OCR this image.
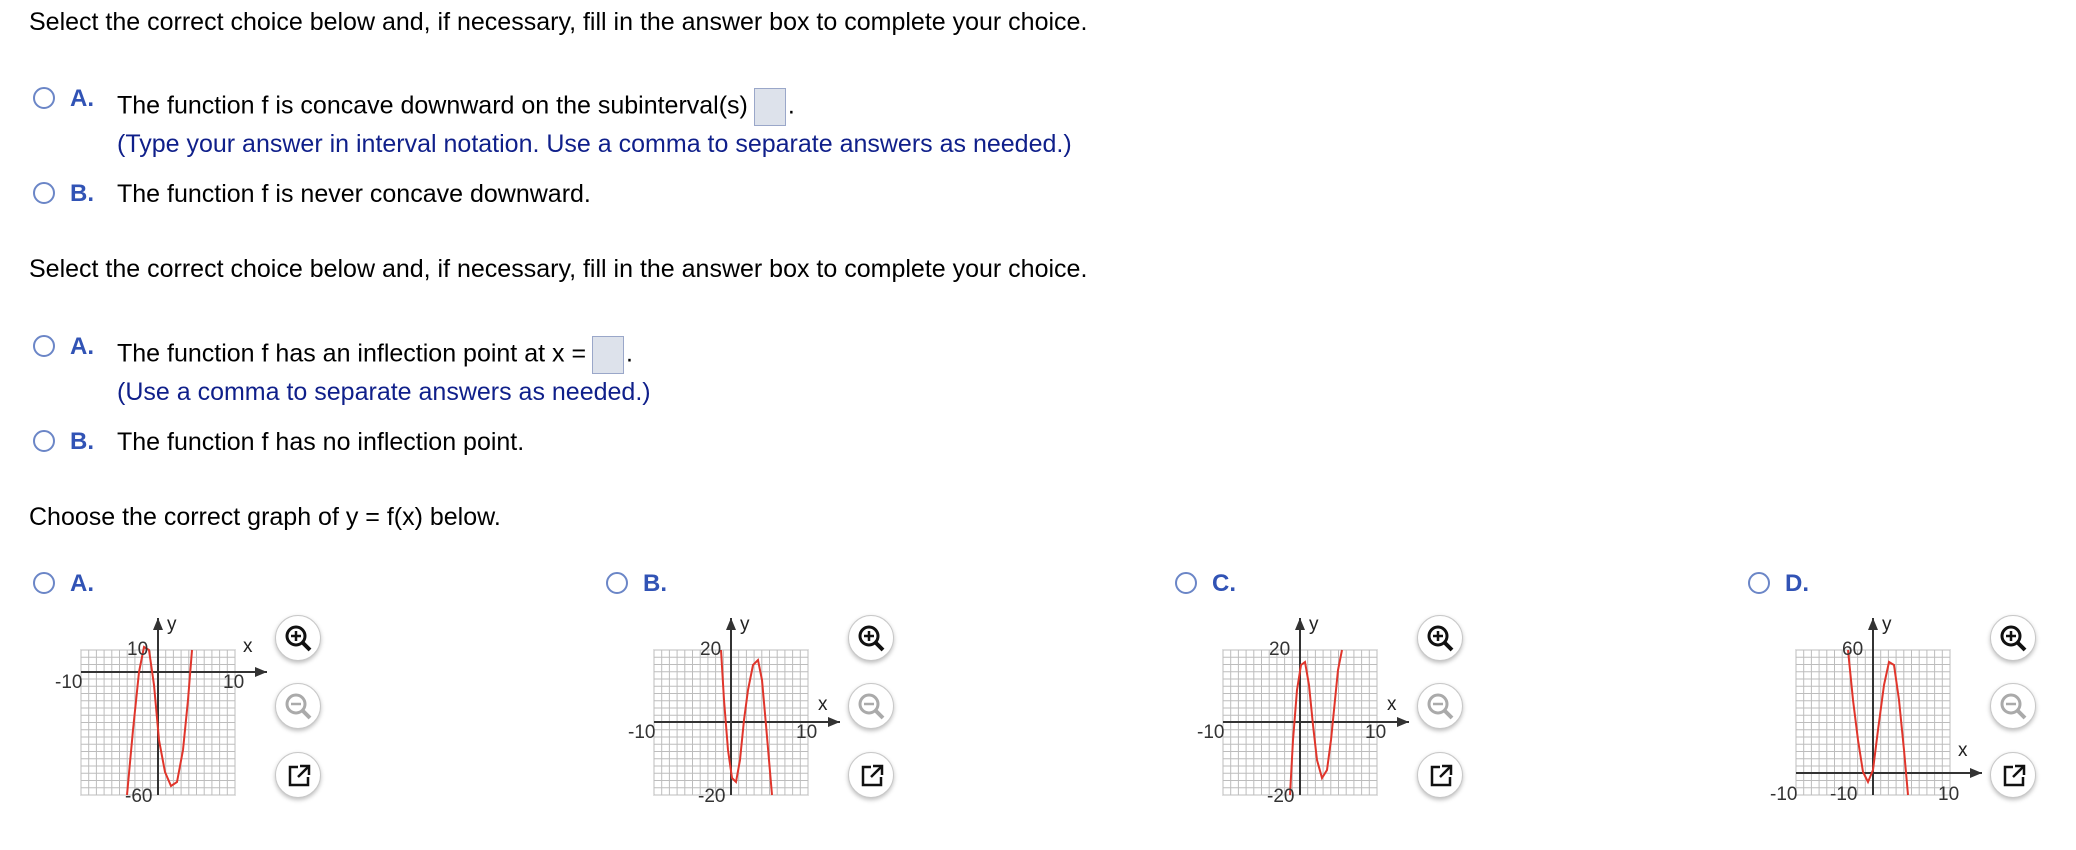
Select the correct choice below and, if necessary, fill in the answer box to complete your choice.
A. The function f is concave downward on the subinterval(s) .
(Type your answer in interval notation. Use a comma to separate answers as needed.)
B. The function f is never concave downward.
Select the correct choice below and, if necessary, fill in the answer box to complete your choice.
A. The function f has an inflection point at x = .
(Use a comma to separate answers as needed.)
B. The function f has no inflection point.
Choose the correct graph of y = f(x) below.
A.
x
y
-10	10
10
-60
B.
x
y
-10	10
20
-20
C.
x
y
-10	10
20
-20
D.
x
y
-10	10
60
-10
